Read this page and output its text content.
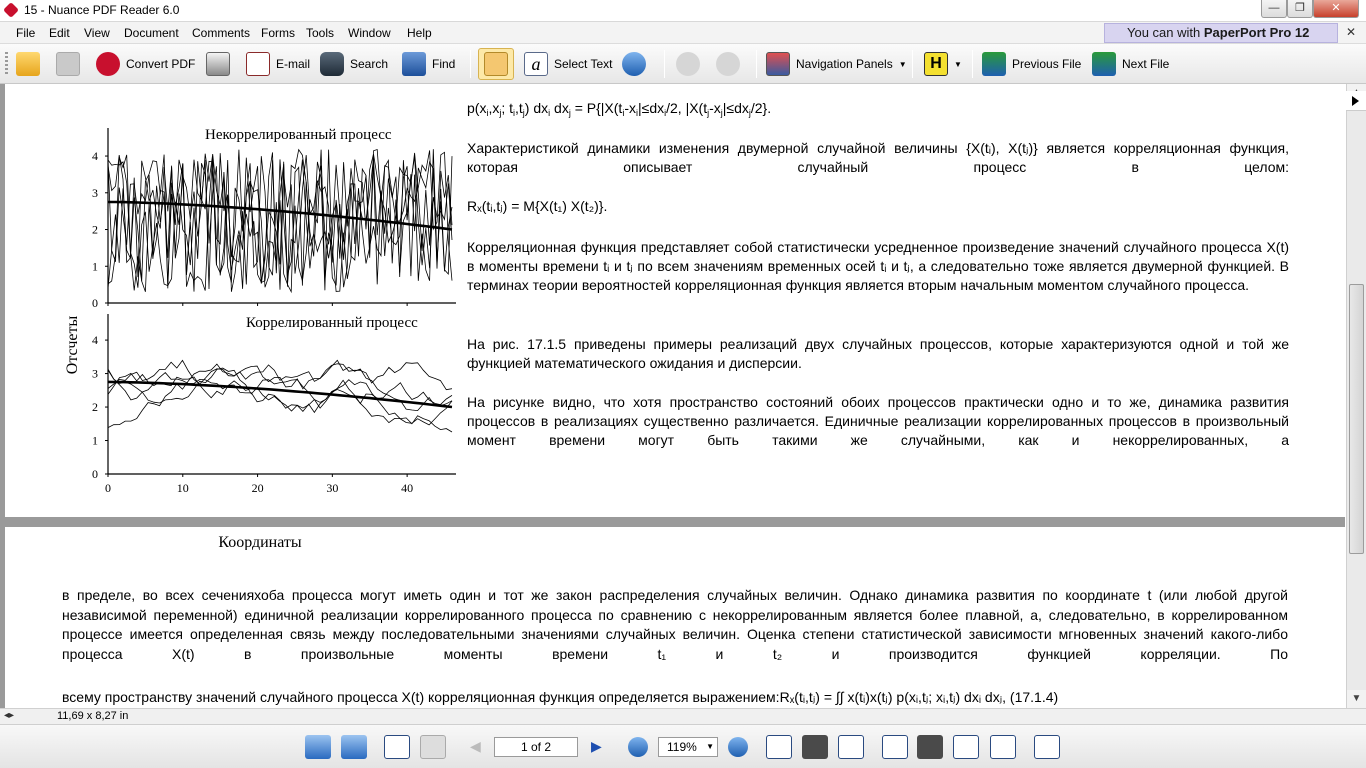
15 - Nuance PDF Reader 6.0	—	❐	✕
File Edit View Document Comments Forms Tools Window Help	You can with PaperPort Pro 12	✕
Convert PDF	E-mail	Search	Find	a	Select Text	Navigation Panels ▼	H	▼	Previous File	Next File
0
1
2
3
4
0
1
2
3
4
0	10	20	30	40
Некоррелированный процесс
Коррелированный процесс
Отсчеты
Координаты
$p(x_i,x_j$; $t_i,t_j$) $dx_i$ $dx_j = P\{|X(t_i-x_i|\le dx_i/2$, $|X(t_j-x_j|\le dx_j/2\}$.
Характеристикой динамики изменения двумерной случайной величины {X(tᵢ), X(tⱼ)} является корреляционная функция, которая описывает случайный процесс в целом:
Rₓ(tᵢ,tⱼ) = M{X(t₁) X(t₂)}.
Корреляционная функция представляет собой статистически усредненное произведение значений случайного процесса X(t) в моменты времени tᵢ и tⱼ по всем значениям временных осей tᵢ и tⱼ, а следовательно тоже является двумерной функцией. В терминах теории вероятностей корреляционная функция является вторым начальным моментом случайного процесса.
На рис. 17.1.5 приведены примеры реализаций двух случайных процессов, которые характеризуются одной и той же функцией математического ожидания и дисперсии.
На рисунке видно, что хотя пространство состояний обоих процессов практически одно и то же, динамика развития процессов в реализациях существенно различается. Единичные реализации коррелированных процессов в произвольный момент времени могут быть такими же случайными, как и некоррелированных, а
в пределе, во всех сеченияхоба процесса могут иметь один и тот же закон распределения случайных величин. Однако динамика развития по координате t (или любой другой независимой переменной) единичной реализации коррелированного процесса по сравнению с некоррелированным является более плавной, а, следовательно, в коррелированном процессе имеется определенная связь между последовательными значениями случайных величин. Оценка степени статистической зависимости мгновенных значений какого-либо процесса X(t) в произвольные моменты времени t₁ и t₂ и производится функцией корреляции. По
всему пространству значений случайного процесса X(t) корреляционная функция определяется выражением:Rₓ(tᵢ,tⱼ) = ∫∫ x(tᵢ)x(tⱼ) p(xᵢ,tⱼ; xᵢ,tⱼ) dxᵢ dxⱼ, (17.1.4)	▼
◂▸	11,69 x 8,27 in
◀	1 of 2	▶	119% ▼
